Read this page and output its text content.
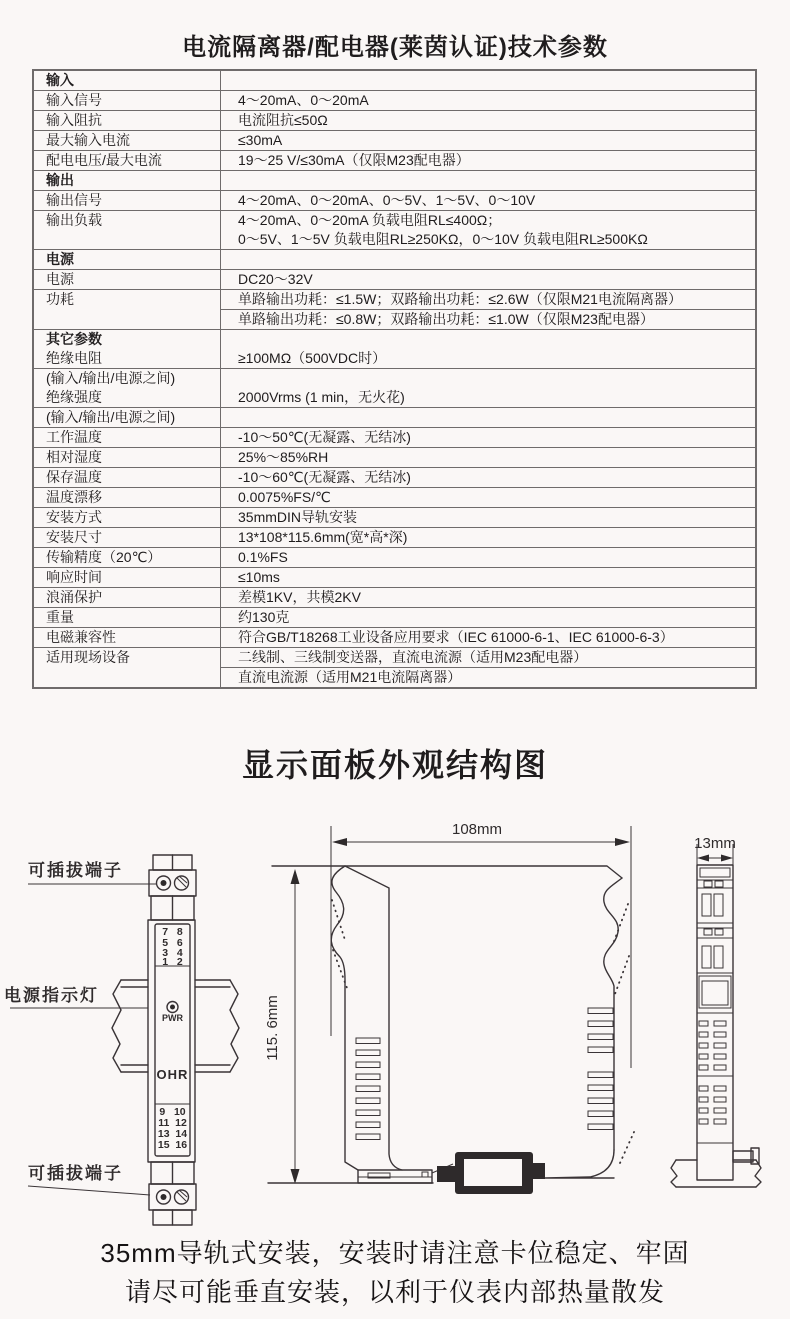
电流隔离器/配电器(莱茵认证)技术参数
输入
输入信号	4～20mA、0～20mA
输入阻抗	电流阻抗≤50Ω
最大输入电流	≤30mA
配电电压/最大电流	19～25 V/≤30mA（仅限M23配电器）
输出
输出信号	4～20mA、0～20mA、0～5V、1～5V、0～10V
输出负载	4～20mA、0～20mA 负载电阻RL≤400Ω；
0～5V、1～5V 负载电阻RL≥250KΩ，0～10V 负载电阻RL≥500KΩ
电源
电源	DC20～32V
功耗	单路输出功耗：≤1.5W；双路输出功耗：≤2.6W（仅限M21电流隔离器）
单路输出功耗：≤0.8W；双路输出功耗：≤1.0W（仅限M23配电器）
其它参数
绝缘电阻	≥100MΩ（500VDC时）
(输入/输出/电源之间)
绝缘强度	2000Vrms (1 min，无火花)
(输入/输出/电源之间)
工作温度	-10～50℃(无凝露、无结冰)
相对湿度	25%～85%RH
保存温度	-10～60℃(无凝露、无结冰)
温度漂移	0.0075%FS/℃
安装方式	35mmDIN导轨安装
安装尺寸	13*108*115.6mm(宽*高*深)
传输精度（20℃）	0.1%FS
响应时间	≤10ms
浪涌保护	差模1KV，共模2KV
重量	约130克
电磁兼容性	符合GB/T18268工业设备应用要求（IEC 61000-6-1、IEC 61000-6-3）
适用现场设备	二线制、三线制变送器，直流电流源（适用M23配电器）
直流电流源（适用M21电流隔离器）
显示面板外观结构图
7   8
5   6
3   4
1   2
PWR
OHR
9   10
11  12
13  14
15  16
可插拔端子
电源指示灯
可插拔端子
108mm
115. 6mm
13mm
35mm导轨式安装，安装时请注意卡位稳定、牢固
请尽可能垂直安装，以利于仪表内部热量散发
